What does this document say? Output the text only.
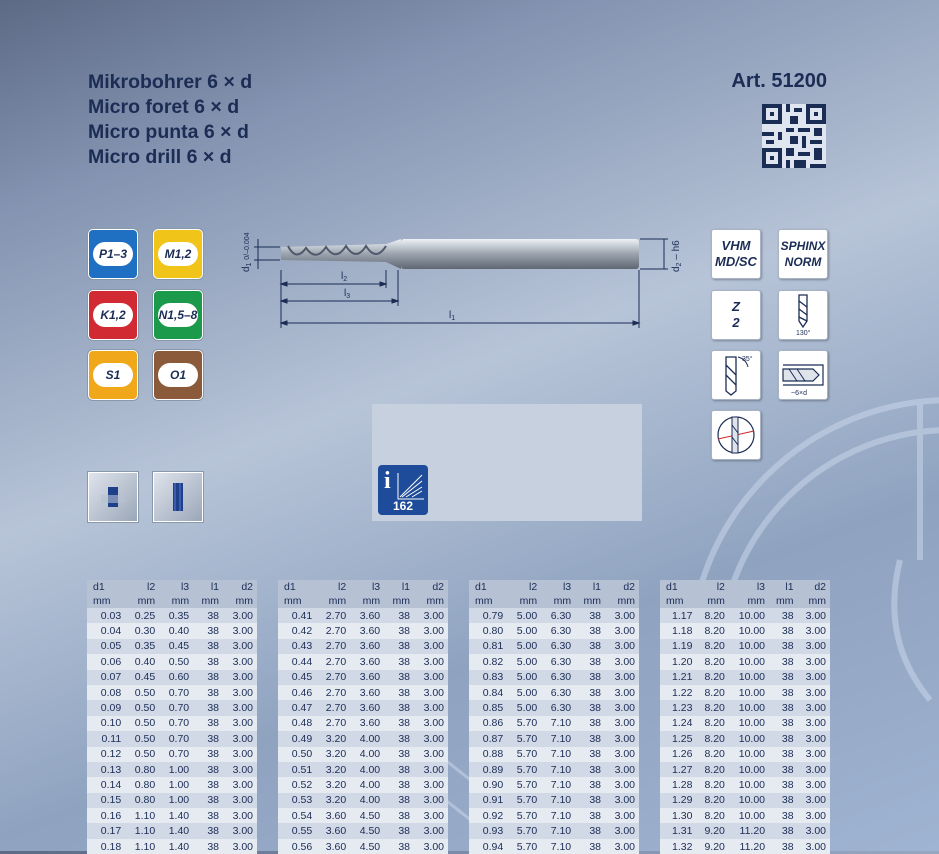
Mikrobohrer 6 × d
Micro foret 6 × d
Micro punta 6 × d
Micro drill 6 × d
Art. 51200
P1–3	M1,2
K1,2	N1,5–8
S1	O1
$l_2$
$l_3$
$l_1$
$d_1$ 0/–0.004
$d_2 - h6$	VHM
MD/SC
SPHINX
NORM
Z
2
130°
35°
~6×d
i
162
d1	l2	l3	l1	d2
mm	mm	mm	mm	mm
0.03	0.25	0.35	38	3.00
0.04	0.30	0.40	38	3.00
0.05	0.35	0.45	38	3.00
0.06	0.40	0.50	38	3.00
0.07	0.45	0.60	38	3.00
0.08	0.50	0.70	38	3.00
0.09	0.50	0.70	38	3.00
0.10	0.50	0.70	38	3.00
0.11	0.50	0.70	38	3.00
0.12	0.50	0.70	38	3.00
0.13	0.80	1.00	38	3.00
0.14	0.80	1.00	38	3.00
0.15	0.80	1.00	38	3.00
0.16	1.10	1.40	38	3.00
0.17	1.10	1.40	38	3.00
0.18	1.10	1.40	38	3.00
d1	l2	l3	l1	d2
mm	mm	mm	mm	mm
0.41	2.70	3.60	38	3.00
0.42	2.70	3.60	38	3.00
0.43	2.70	3.60	38	3.00
0.44	2.70	3.60	38	3.00
0.45	2.70	3.60	38	3.00
0.46	2.70	3.60	38	3.00
0.47	2.70	3.60	38	3.00
0.48	2.70	3.60	38	3.00
0.49	3.20	4.00	38	3.00
0.50	3.20	4.00	38	3.00
0.51	3.20	4.00	38	3.00
0.52	3.20	4.00	38	3.00
0.53	3.20	4.00	38	3.00
0.54	3.60	4.50	38	3.00
0.55	3.60	4.50	38	3.00
0.56	3.60	4.50	38	3.00
d1	l2	l3	l1	d2
mm	mm	mm	mm	mm
0.79	5.00	6.30	38	3.00
0.80	5.00	6.30	38	3.00
0.81	5.00	6.30	38	3.00
0.82	5.00	6.30	38	3.00
0.83	5.00	6.30	38	3.00
0.84	5.00	6.30	38	3.00
0.85	5.00	6.30	38	3.00
0.86	5.70	7.10	38	3.00
0.87	5.70	7.10	38	3.00
0.88	5.70	7.10	38	3.00
0.89	5.70	7.10	38	3.00
0.90	5.70	7.10	38	3.00
0.91	5.70	7.10	38	3.00
0.92	5.70	7.10	38	3.00
0.93	5.70	7.10	38	3.00
0.94	5.70	7.10	38	3.00
d1	l2	l3	l1	d2
mm	mm	mm	mm	mm
1.17	8.20	10.00	38	3.00
1.18	8.20	10.00	38	3.00
1.19	8.20	10.00	38	3.00
1.20	8.20	10.00	38	3.00
1.21	8.20	10.00	38	3.00
1.22	8.20	10.00	38	3.00
1.23	8.20	10.00	38	3.00
1.24	8.20	10.00	38	3.00
1.25	8.20	10.00	38	3.00
1.26	8.20	10.00	38	3.00
1.27	8.20	10.00	38	3.00
1.28	8.20	10.00	38	3.00
1.29	8.20	10.00	38	3.00
1.30	8.20	10.00	38	3.00
1.31	9.20	11.20	38	3.00
1.32	9.20	11.20	38	3.00
